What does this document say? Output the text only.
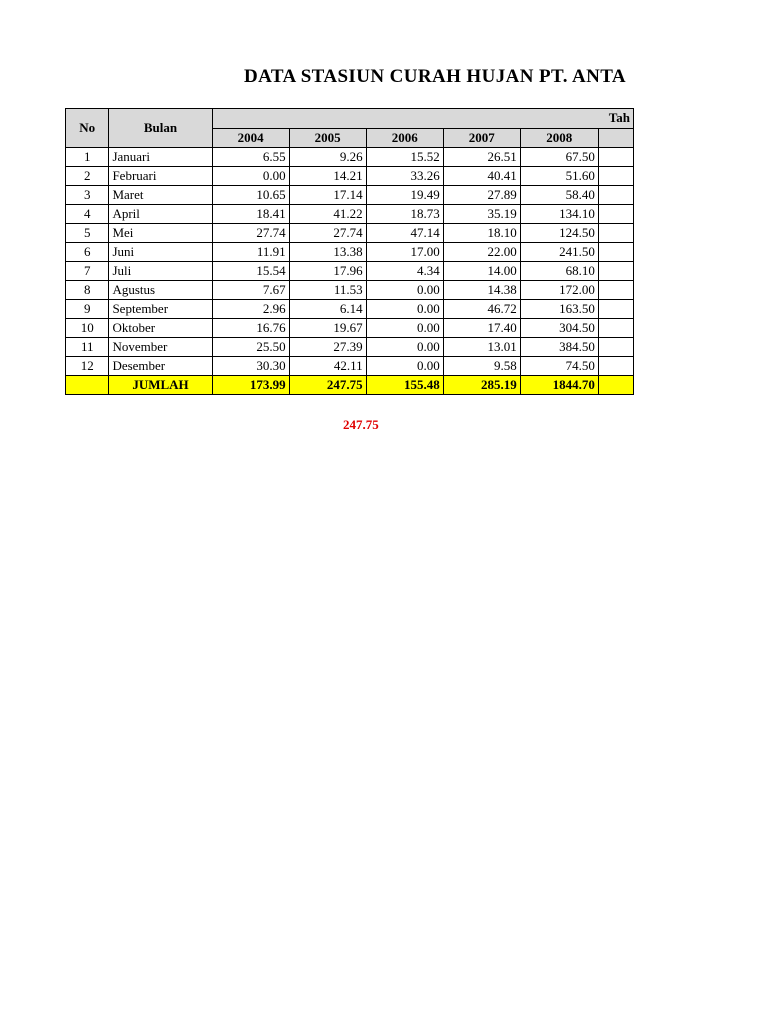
DATA STASIUN CURAH HUJAN PT. ANTA
No	Bulan	Tah					
		2004	2005	2006	2007	2008	
1	Januari	6.55	9.26	15.52	26.51	67.50	
2	Februari	0.00	14.21	33.26	40.41	51.60	
3	Maret	10.65	17.14	19.49	27.89	58.40	
4	April	18.41	41.22	18.73	35.19	134.10	
5	Mei	27.74	27.74	47.14	18.10	124.50	
6	Juni	11.91	13.38	17.00	22.00	241.50	
7	Juli	15.54	17.96	4.34	14.00	68.10	
8	Agustus	7.67	11.53	0.00	14.38	172.00	
9	September	2.96	6.14	0.00	46.72	163.50	
10	Oktober	16.76	19.67	0.00	17.40	304.50	
11	November	25.50	27.39	0.00	13.01	384.50	
12	Desember	30.30	42.11	0.00	9.58	74.50	
	JUMLAH	173.99	247.75	155.48	285.19	1844.70	
247.75
